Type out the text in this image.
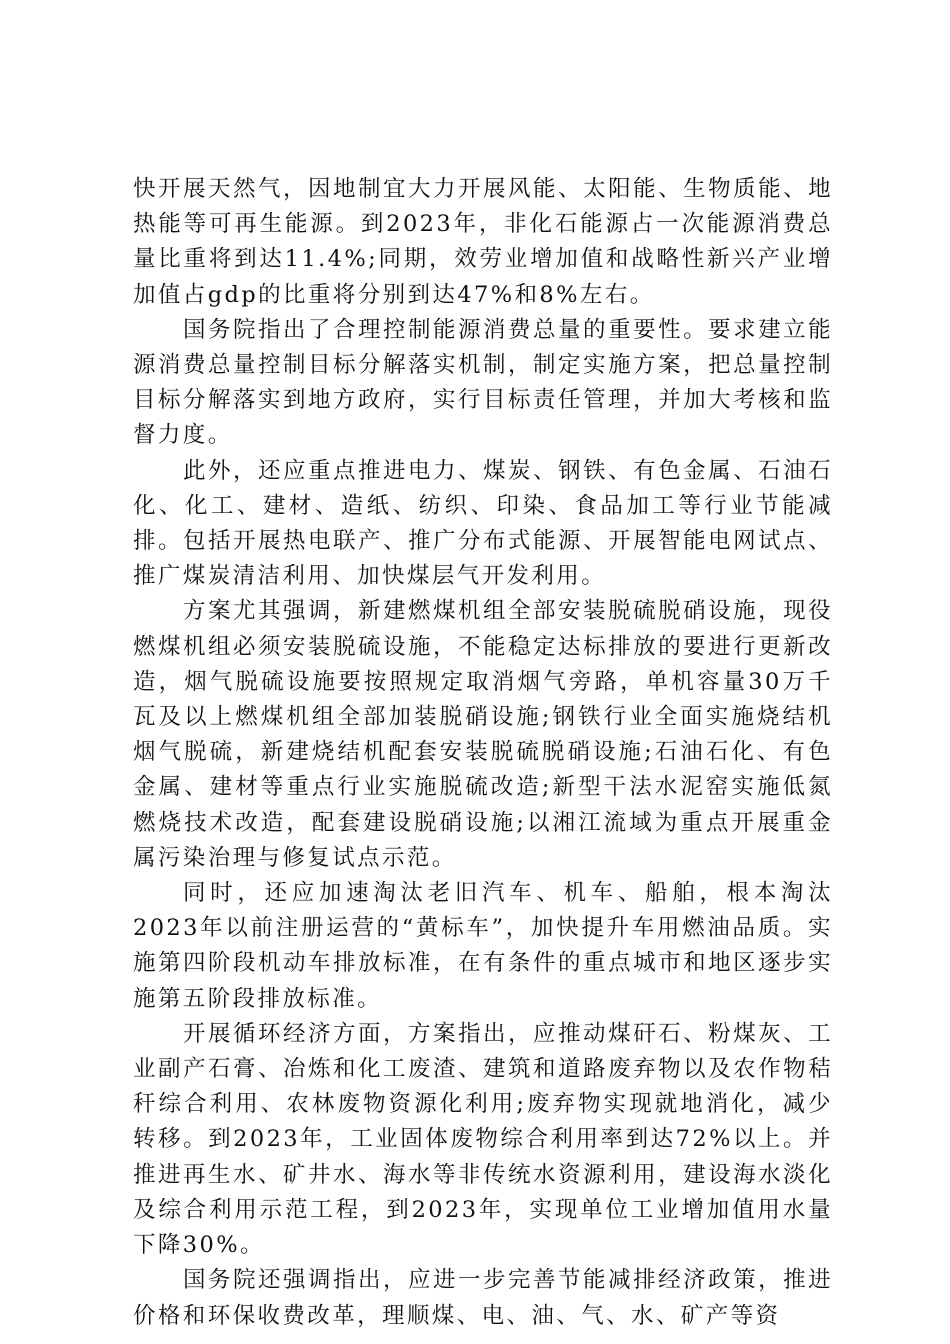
快开展天然气，因地制宜大力开展风能、太阳能、生物质能、地热能等可再生能源。到2023年，非化石能源占一次能源消费总量比重将到达11.4%;同期，效劳业增加值和战略性新兴产业增加值占gdp的比重将分别到达47%和8%左右。

国务院指出了合理控制能源消费总量的重要性。要求建立能源消费总量控制目标分解落实机制，制定实施方案，把总量控制目标分解落实到地方政府，实行目标责任管理，并加大考核和监督力度。

此外，还应重点推进电力、煤炭、钢铁、有色金属、石油石化、化工、建材、造纸、纺织、印染、食品加工等行业节能减排。包括开展热电联产、推广分布式能源、开展智能电网试点、推广煤炭清洁利用、加快煤层气开发利用。

方案尤其强调，新建燃煤机组全部安装脱硫脱硝设施，现役燃煤机组必须安装脱硫设施，不能稳定达标排放的要进行更新改造，烟气脱硫设施要按照规定取消烟气旁路，单机容量30万千瓦及以上燃煤机组全部加装脱硝设施;钢铁行业全面实施烧结机烟气脱硫，新建烧结机配套安装脱硫脱硝设施;石油石化、有色金属、建材等重点行业实施脱硫改造;新型干法水泥窑实施低氮燃烧技术改造，配套建设脱硝设施;以湘江流域为重点开展重金属污染治理与修复试点示范。

同时，还应加速淘汰老旧汽车、机车、船舶，根本淘汰2023年以前注册运营的“黄标车”，加快提升车用燃油品质。实施第四阶段机动车排放标准，在有条件的重点城市和地区逐步实施第五阶段排放标准。

开展循环经济方面，方案指出，应推动煤矸石、粉煤灰、工业副产石膏、冶炼和化工废渣、建筑和道路废弃物以及农作物秸秆综合利用、农林废物资源化利用;废弃物实现就地消化，减少转移。到2023年，工业固体废物综合利用率到达72%以上。并推进再生水、矿井水、海水等非传统水资源利用，建设海水淡化及综合利用示范工程，到2023年，实现单位工业增加值用水量下降30%。

国务院还强调指出，应进一步完善节能减排经济政策，推进价格和环保收费改革，理顺煤、电、油、气、水、矿产等资
